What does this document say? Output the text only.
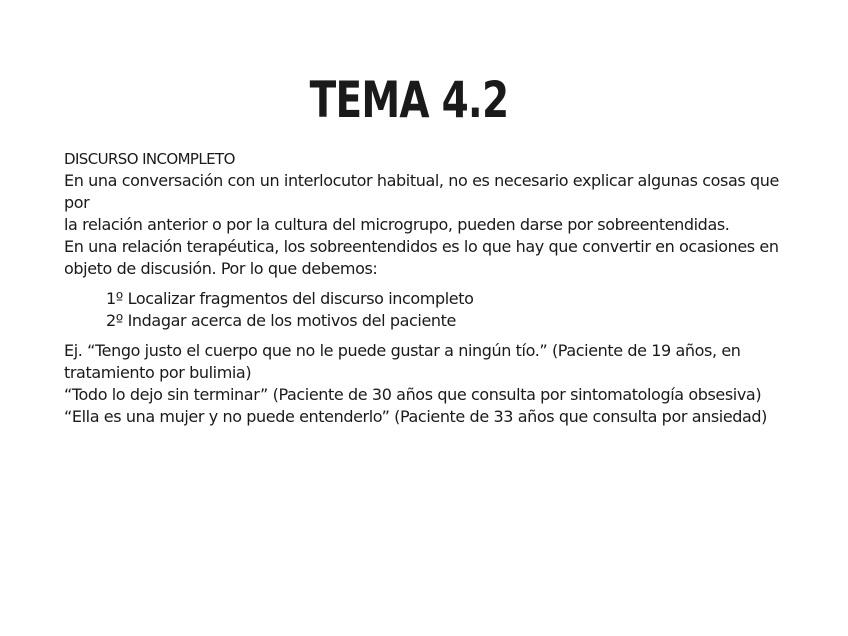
TEMA 4.2

DISCURSO INCOMPLETO

En una conversación con un interlocutor habitual, no es necesario explicar algunas cosas que por

la relación anterior o por la cultura del microgrupo, pueden darse por sobreentendidas.

En una relación terapéutica, los sobreentendidos es lo que hay que convertir en ocasiones en

objeto de discusión. Por lo que debemos:

1º Localizar fragmentos del discurso incompleto
2º Indagar acerca de los motivos del paciente

Ej. “Tengo justo el cuerpo que no le puede gustar a ningún tío.” (Paciente de 19 años, en

tratamiento por bulimia)

“Todo lo dejo sin terminar” (Paciente de 30 años que consulta por sintomatología obsesiva)

“Ella es una mujer y no puede entenderlo” (Paciente de 33 años que consulta por ansiedad)
